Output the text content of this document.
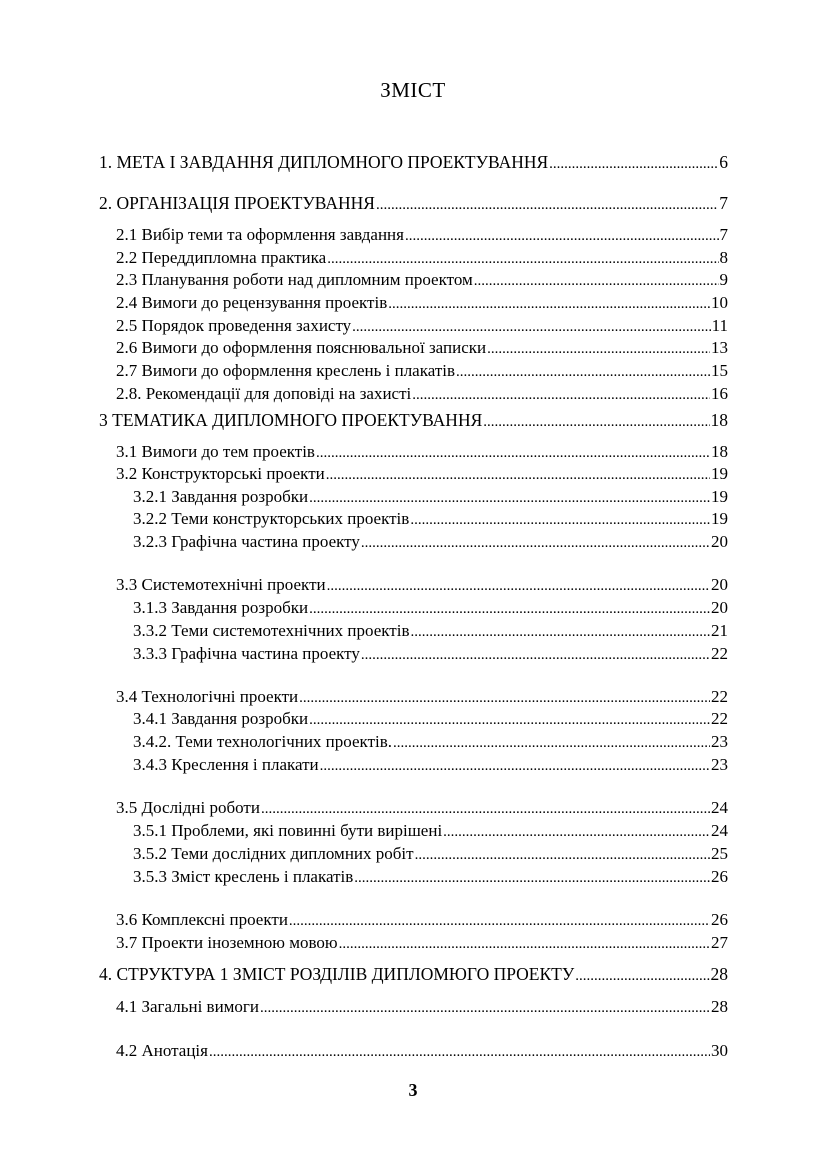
ЗМІСТ
1. МЕТА І ЗАВДАННЯ ДИПЛОМНОГО ПРОЕКТУВАННЯ .....	6
2. ОРГАНІЗАЦІЯ ПРОЕКТУВАННЯ .....	7
2.1 Вибір теми та оформлення завдання .....	7
2.2 Переддипломна практика .....	8
2.3 Планування роботи над дипломним проектом .....	9
2.4 Вимоги до рецензування проектів .....	10
2.5 Порядок проведення захисту .....	11
2.6 Вимоги до оформлення пояснювальної записки .....	13
2.7 Вимоги до оформлення креслень і плакатів .....	15
2.8. Рекомендації для доповіді на захисті .....	16
3 ТЕМАТИКА ДИПЛОМНОГО ПРОЕКТУВАННЯ .....	18
3.1 Вимоги до тем проектів .....	18
3.2 Конструкторські проекти .....	19
3.2.1 Завдання розробки .....	19
3.2.2 Теми конструкторських проектів .....	19
3.2.3 Графічна частина проекту .....	20
3.3 Системотехнічні проекти .....	20
3.1.3 Завдання розробки .....	20
3.3.2 Теми системотехнічних проектів .....	21
3.3.3 Графічна частина проекту .....	22
3.4 Технологічні проекти .....	22
3.4.1 Завдання розробки .....	22
3.4.2. Теми технологічних проектів. .....	23
3.4.3 Креслення і плакати .....	23
3.5 Дослідні роботи .....	24
3.5.1 Проблеми, які повинні бути вирішені .....	24
3.5.2 Теми дослідних дипломних робіт .....	25
3.5.3 Зміст креслень і плакатів .....	26
3.6 Комплексні проекти .....	26
3.7 Проекти іноземною мовою .....	27
4. СТРУКТУРА 1 ЗМІСТ РОЗДІЛІВ ДИПЛОМЮГО ПРОЕКТУ .....	28
4.1 Загальні вимоги .....	28
4.2 Анотація .....	30
3
